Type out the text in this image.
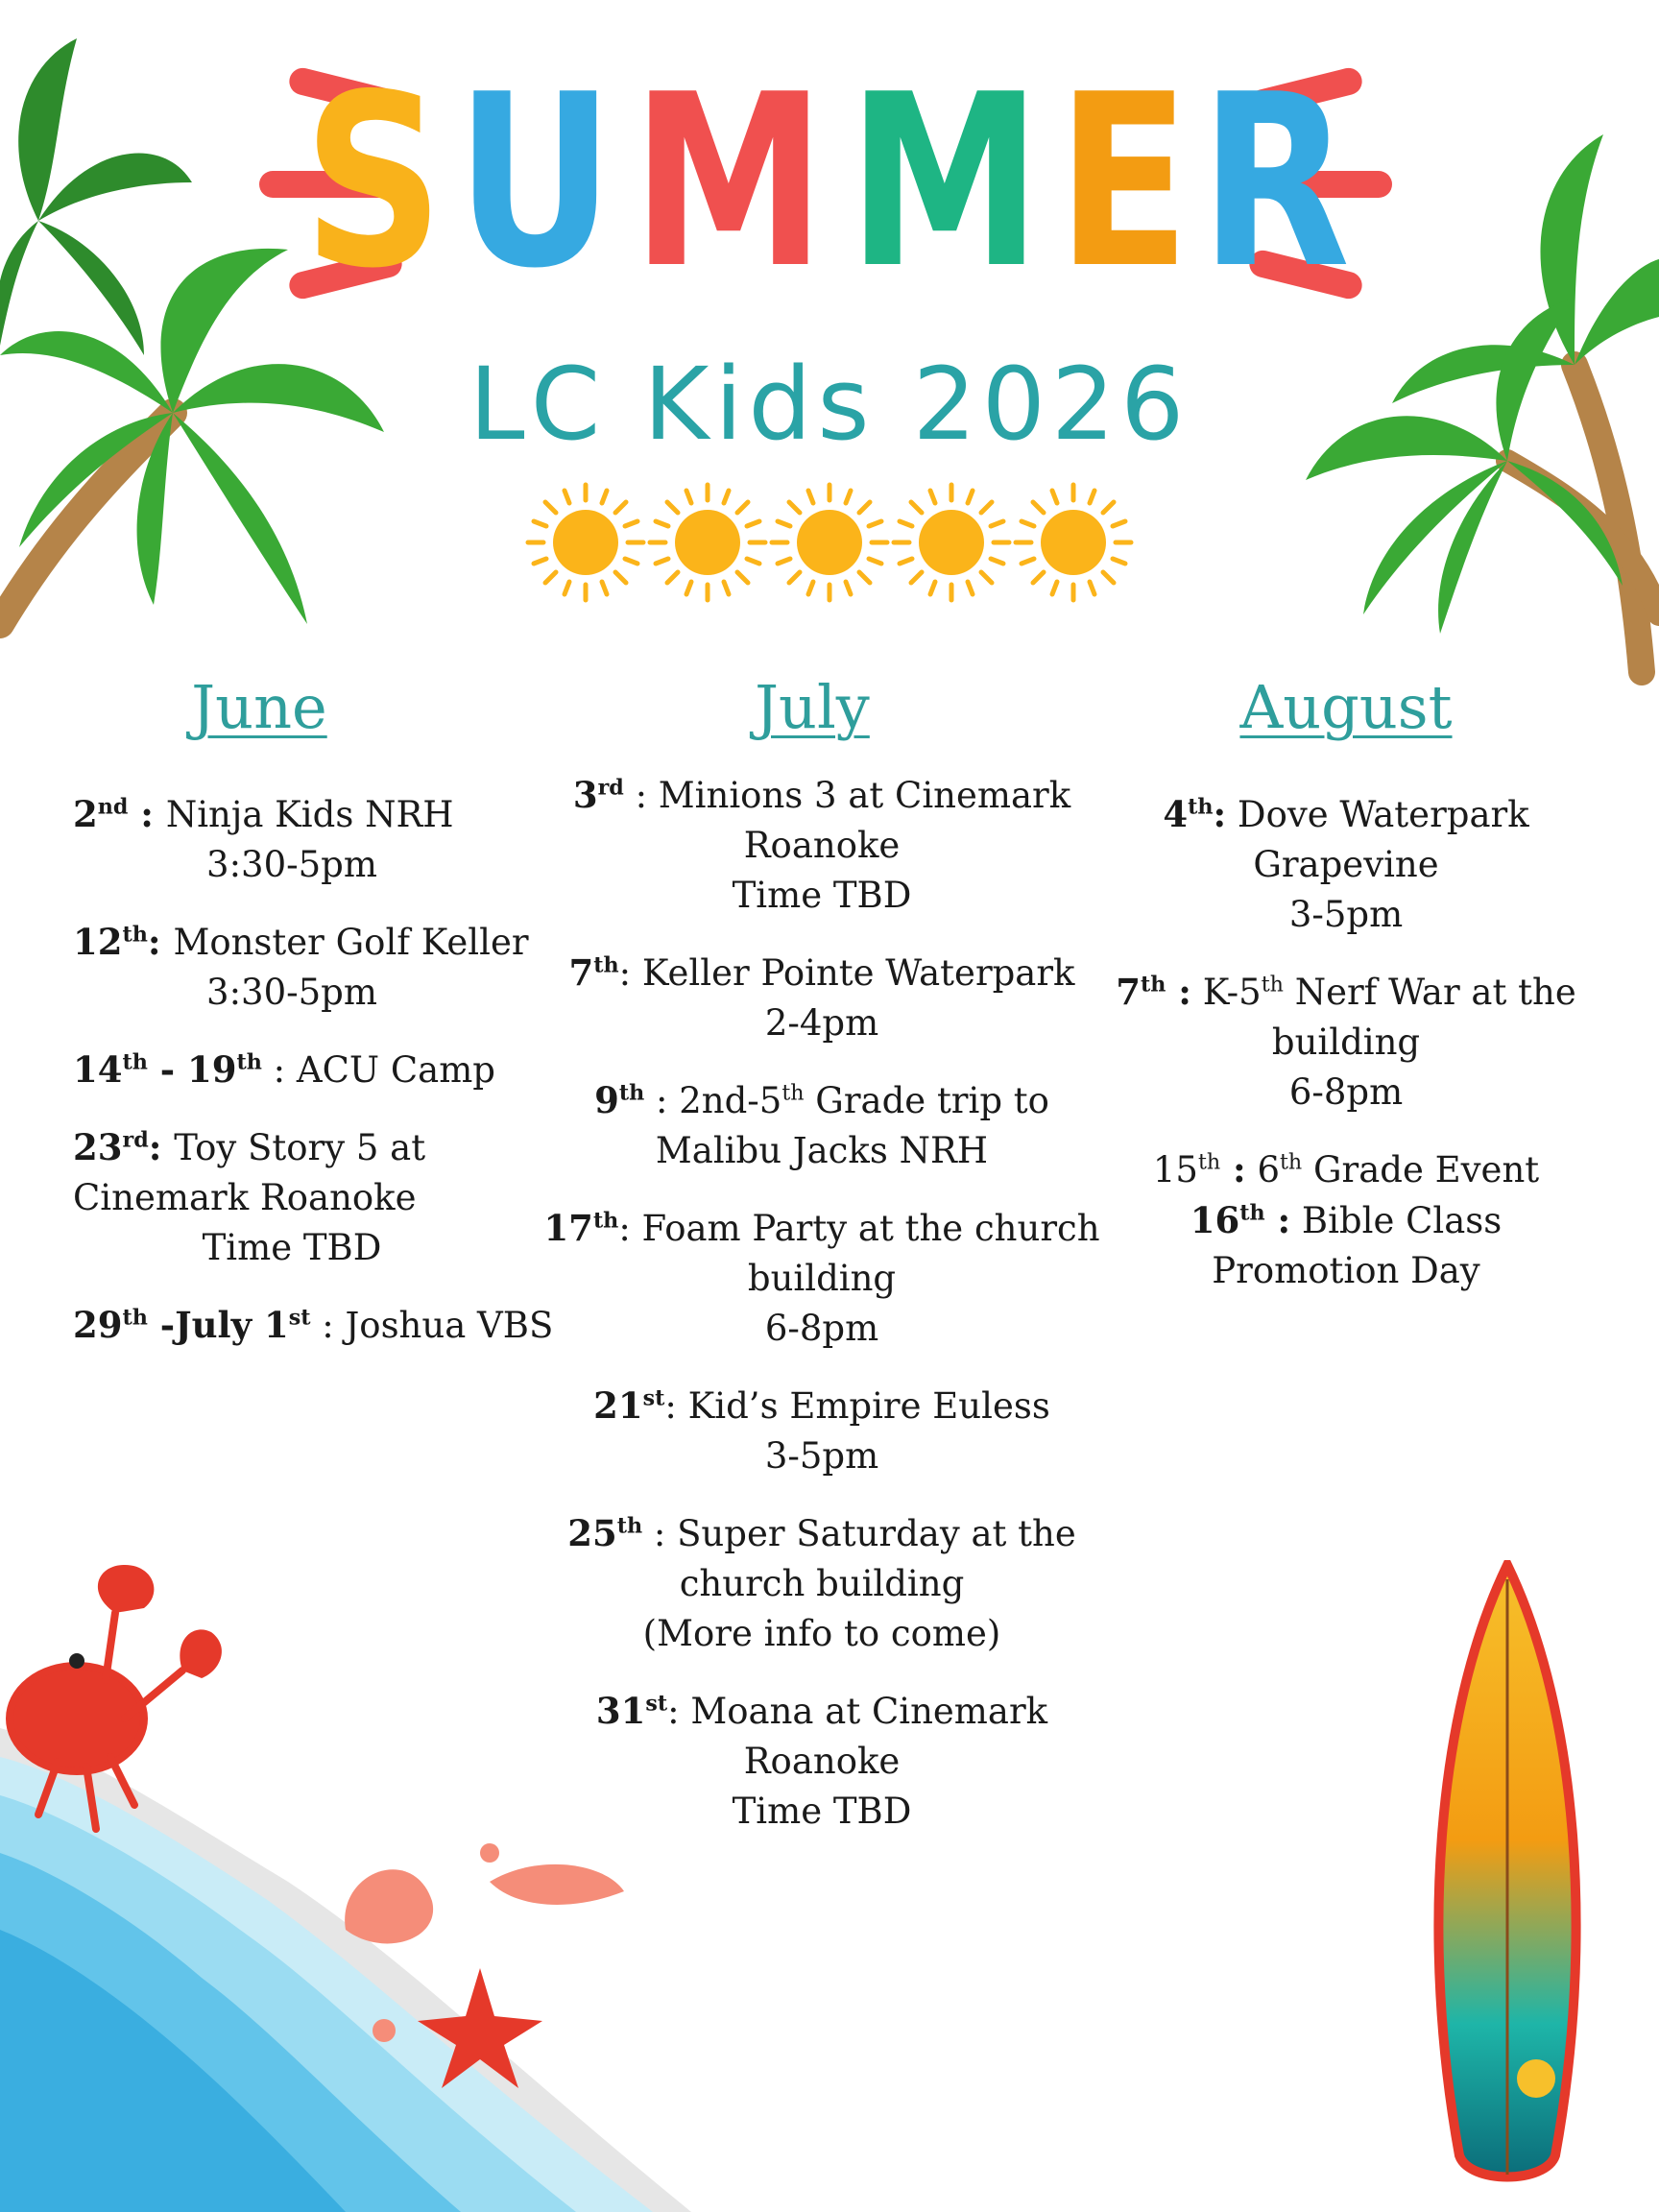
SUMMER
LC Kids 2026
June
2nd : Ninja Kids NRH
3:30-5pm
12th: Monster Golf Keller
3:30-5pm
14th - 19th : ACU Camp
23rd: Toy Story 5 at
Cinemark Roanoke
Time TBD
29th -July 1st : Joshua VBS
July
3rd : Minions 3 at Cinemark
Roanoke
Time TBD
7th: Keller Pointe Waterpark
2-4pm
9th : 2nd-5th Grade trip to
Malibu Jacks NRH
17th: Foam Party at the church
building
6-8pm
21st: Kid’s Empire Euless
3-5pm
25th : Super Saturday at the
church building
(More info to come)
31st: Moana at Cinemark
Roanoke
Time TBD
August
4th: Dove Waterpark
Grapevine
3-5pm
7th : K-5th Nerf War at the
building
6-8pm
15th : 6th Grade Event
16th : Bible Class
Promotion Day
